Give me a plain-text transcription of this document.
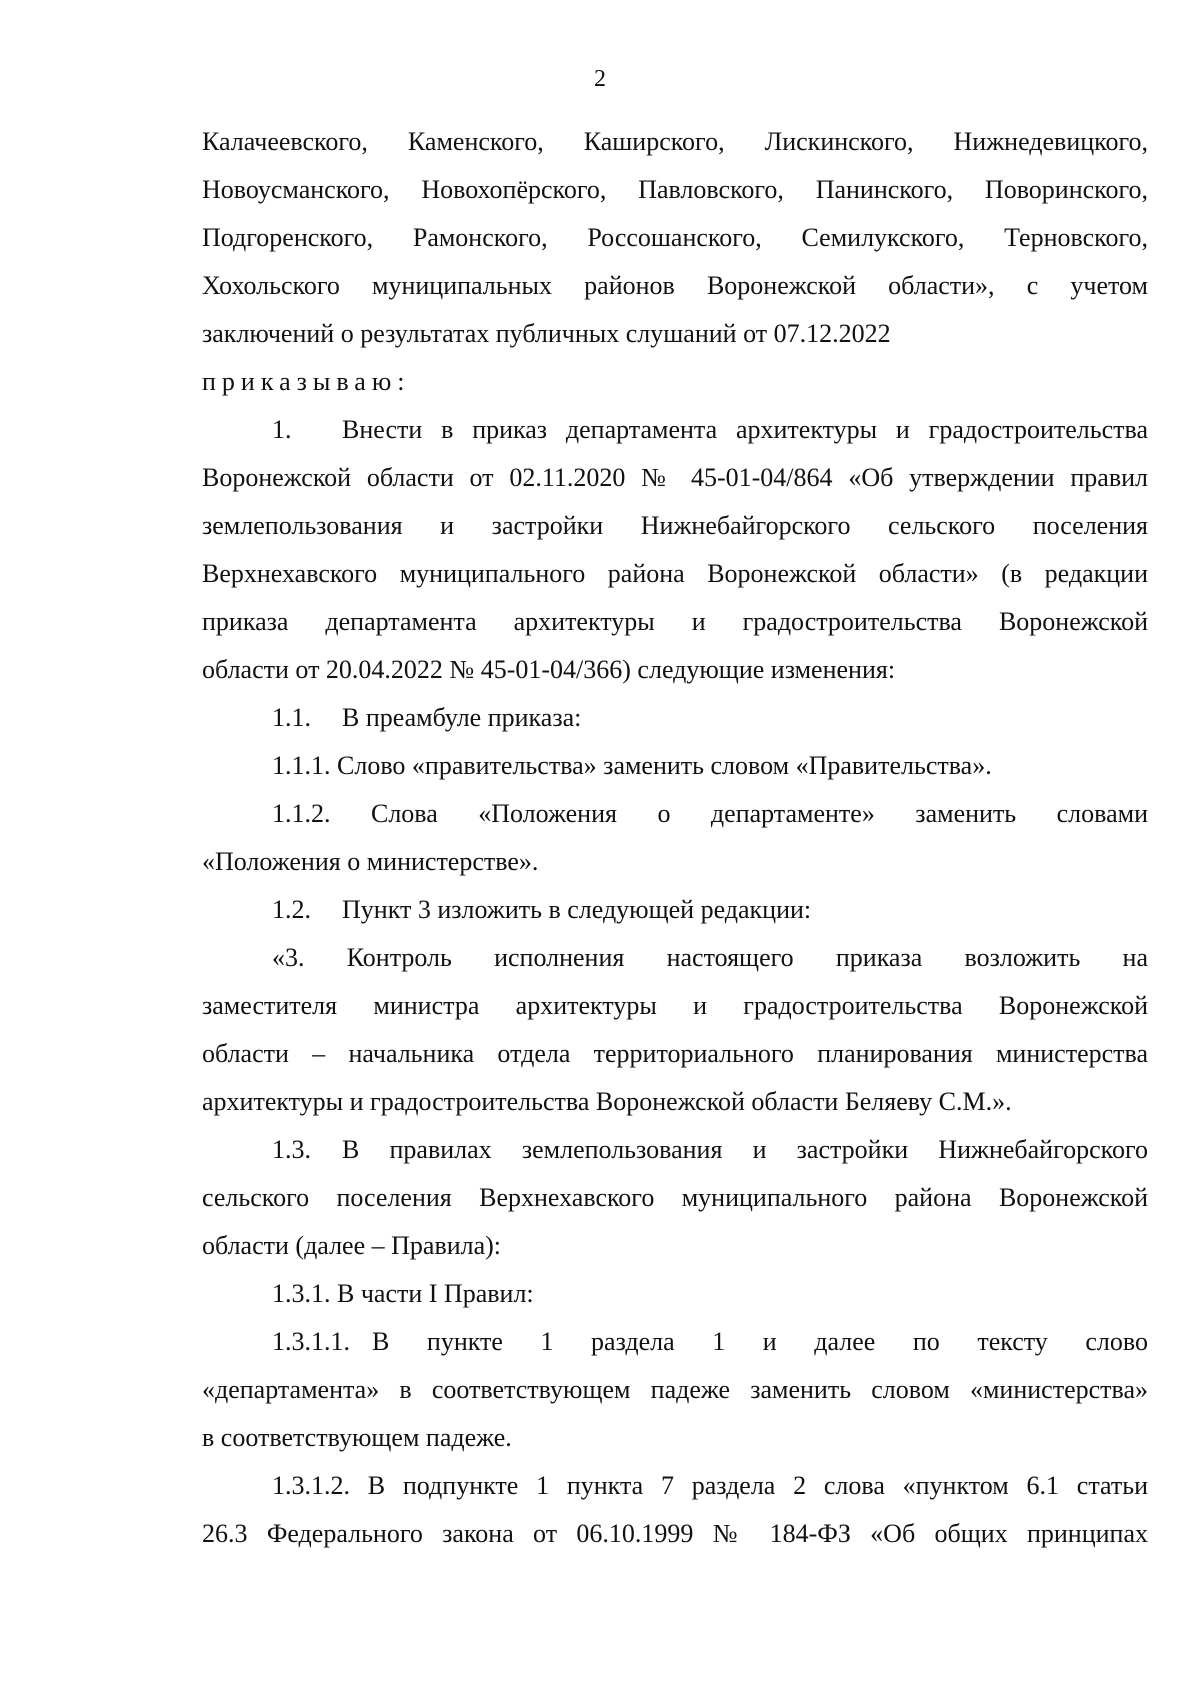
2
Калачеевского, Каменского, Каширского, Лискинского, Нижнедевицкого,
Новоусманского, Новохопёрского, Павловского, Панинского, Поворинского,
Подгоренского, Рамонского, Россошанского, Семилукского, Терновского,
Хохольского муниципальных районов Воронежской области», с учетом
заключений о результатах публичных слушаний от 07.12.2022
приказываю:
1. Внести в приказ департамента архитектуры и градостроительства
Воронежской области от 02.11.2020 № 45-01-04/864 «Об утверждении правил
землепользования и застройки Нижнебайгорского сельского поселения
Верхнехавского муниципального района Воронежской области» (в редакции
приказа департамента архитектуры и градостроительства Воронежской
области от 20.04.2022 № 45-01-04/366) следующие изменения:
1.1. В преамбуле приказа:
1.1.1. Слово «правительства» заменить словом «Правительства».
1.1.2. Слова «Положения о департаменте» заменить словами
«Положения о министерстве».
1.2. Пункт 3 изложить в следующей редакции:
«3. Контроль исполнения настоящего приказа возложить на
заместителя министра архитектуры и градостроительства Воронежской
области – начальника отдела территориального планирования министерства
архитектуры и градостроительства Воронежской области Беляеву С.М.».
1.3. В правилах землепользования и застройки Нижнебайгорского
сельского поселения Верхнехавского муниципального района Воронежской
области (далее – Правила):
1.3.1. В части I Правил:
1.3.1.1. В пункте 1 раздела 1 и далее по тексту слово
«департамента» в соответствующем падеже заменить словом «министерства»
в соответствующем падеже.
1.3.1.2. В подпункте 1 пункта 7 раздела 2 слова «пунктом 6.1 статьи
26.3 Федерального закона от 06.10.1999 № 184-ФЗ «Об общих принципах
